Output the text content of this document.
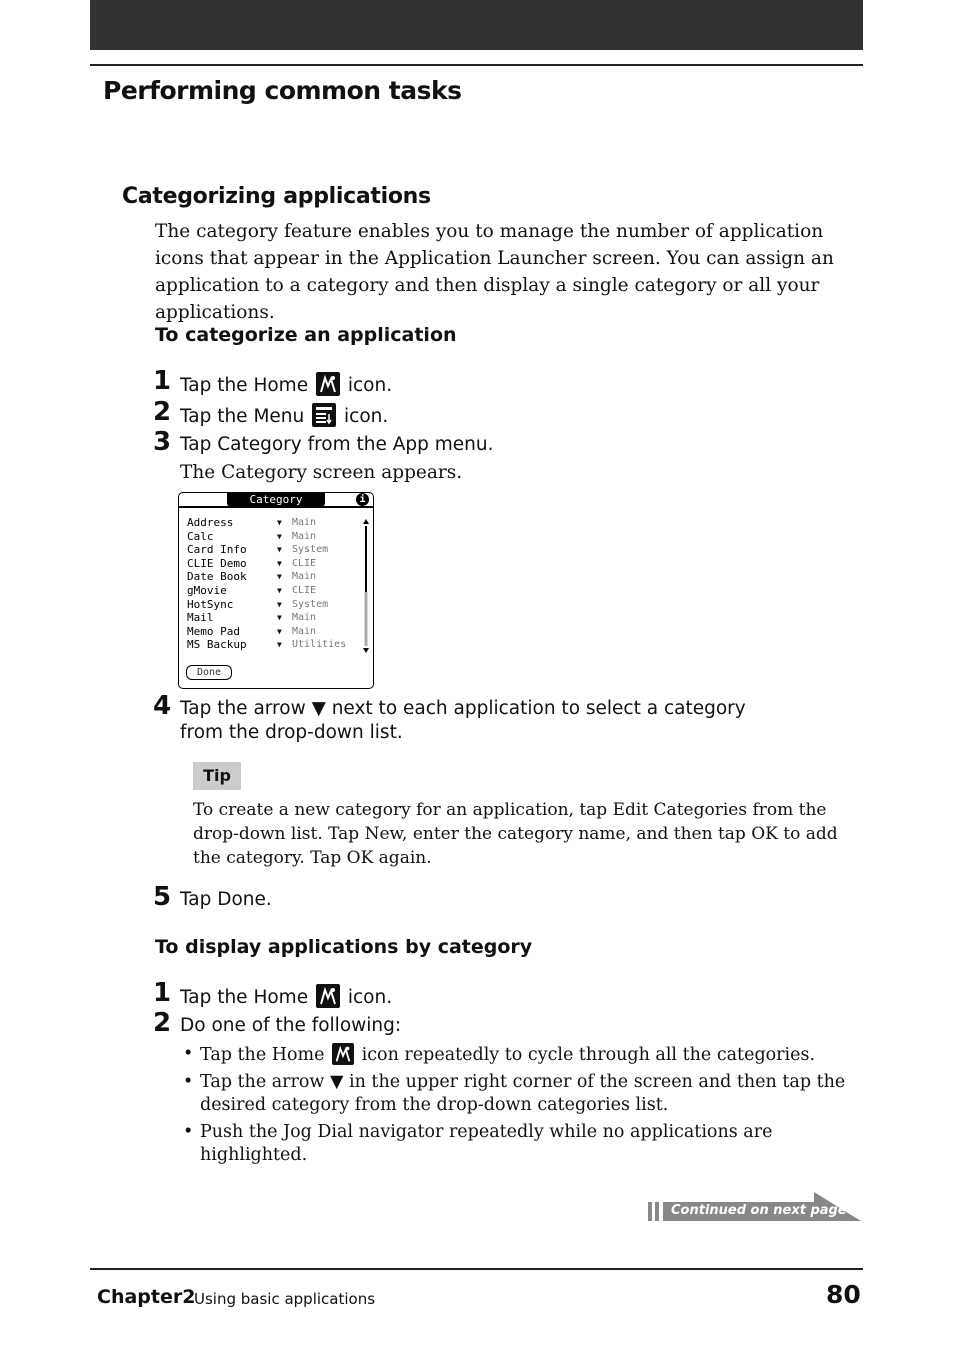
Performing common tasks
Categorizing applications
The category feature enables you to manage the number of application icons that appear in the Application Launcher screen. You can assign an application to a category and then display a single category or all your applications.
To categorize an application
1 Tap the Home icon.
2 Tap the Menu icon.
3 Tap Category from the App menu.
The Category screen appears.
Category	i
Address	▼ Main
Calc	▼ Main
Card Info	▼ System
CLIE Demo	▼ CLIE
Date Book	▼ Main
gMovie	▼ CLIE
HotSync	▼ System
Mail	▼ Main
Memo Pad	▼ Main
MS Backup	▼ Utilities
Done
4 Tap the arrow ▼ next to each application to select a category
from the drop-down list.
Tip
To create a new category for an application, tap Edit Categories from the drop-down list. Tap New, enter the category name, and then tap OK to add the category. Tap OK again.
5 Tap Done.
To display applications by category
1 Tap the Home icon.
2 Do one of the following:
• Tap the Home icon repeatedly to cycle through all the categories.
• Tap the arrow ▼ in the upper right corner of the screen and then tap the desired category from the drop-down categories list.
• Push the Jog Dial navigator repeatedly while no applications are highlighted.
Continued on next page
Chapter2
Using basic applications	80
